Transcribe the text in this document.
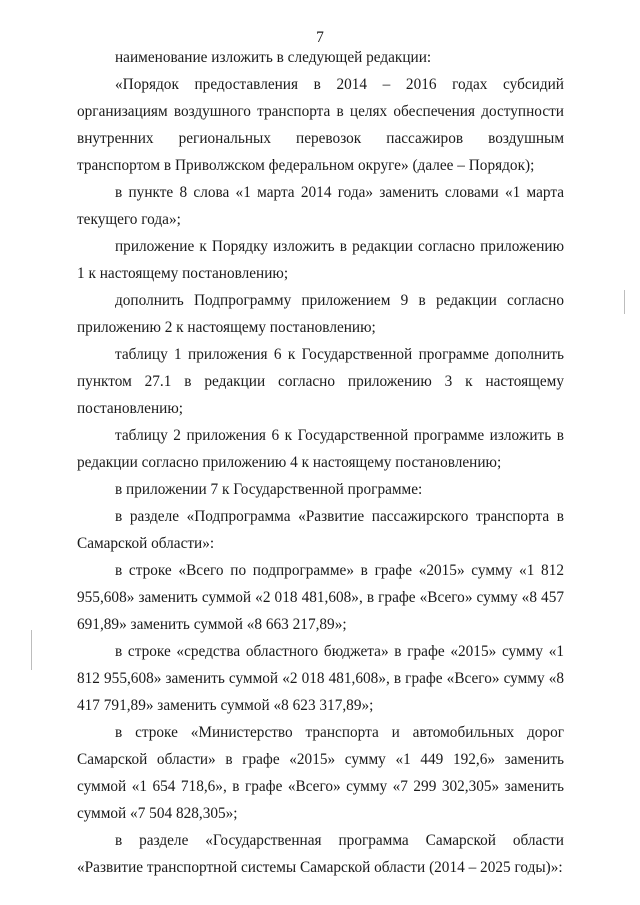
7

наименование изложить в следующей редакции:

«Порядок предоставления в 2014 – 2016 годах субсидий организациям воздушного транспорта в целях обеспечения доступности внутренних региональных перевозок пассажиров воздушным транспортом в Приволжском федеральном округе» (далее – Порядок);

в пункте 8 слова «1 марта 2014 года» заменить словами «1 марта текущего года»;

приложение к Порядку изложить в редакции согласно приложению 1 к настоящему постановлению;

дополнить Подпрограмму приложением 9 в редакции согласно приложению 2 к настоящему постановлению;

таблицу 1 приложения 6 к Государственной программе дополнить пунктом 27.1 в редакции согласно приложению 3 к настоящему постановлению;

таблицу 2 приложения 6 к Государственной программе изложить в редакции согласно приложению 4 к настоящему постановлению;

в приложении 7 к Государственной программе:

в разделе «Подпрограмма «Развитие пассажирского транспорта в Самарской области»:

в строке «Всего по подпрограмме» в графе «2015» сумму «1 812 955,608» заменить суммой «2 018 481,608», в графе «Всего» сумму «8 457 691,89» заменить суммой «8 663 217,89»;

в строке «средства областного бюджета» в графе «2015» сумму «1 812 955,608» заменить суммой «2 018 481,608», в графе «Всего» сумму «8 417 791,89» заменить суммой «8 623 317,89»;

в строке «Министерство транспорта и автомобильных дорог Самарской области» в графе «2015» сумму «1 449 192,6» заменить суммой «1 654 718,6», в графе «Всего» сумму «7 299 302,305» заменить суммой «7 504 828,305»;

в разделе «Государственная программа Самарской области «Развитие транспортной системы Самарской области (2014 – 2025 годы)»:
